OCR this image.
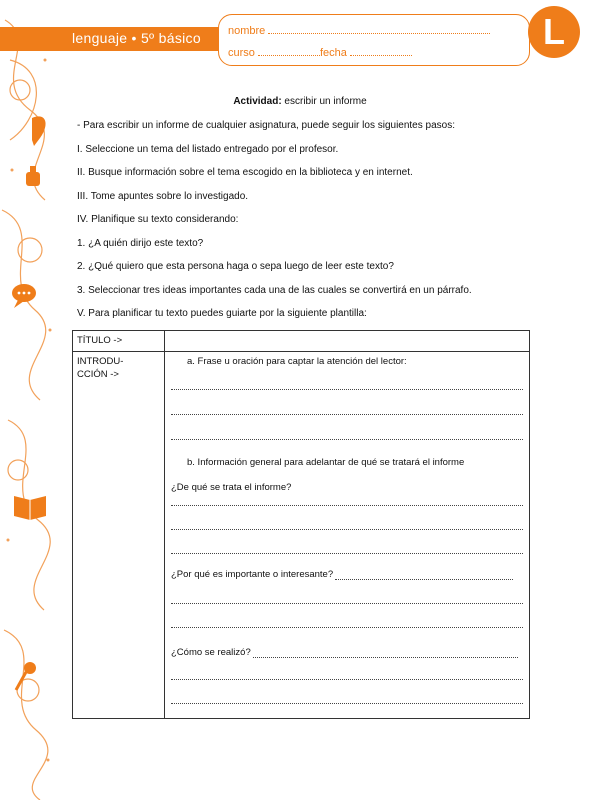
lenguaje • 5º básico nombre
curso	fecha
L
Actividad: escribir un informe
- Para escribir un informe de cualquier asignatura, puede seguir los siguientes pasos:
I. Seleccione un tema del listado entregado por el profesor.
II. Busque información sobre el tema escogido en la biblioteca y en internet.
III. Tome apuntes sobre lo investigado.
IV. Planifique su texto considerando:
1. ¿A quién dirijo este texto?
2. ¿Qué quiero que esta persona haga o sepa luego de leer este texto?
3. Seleccionar tres ideas importantes cada una de las cuales se convertirá en un párrafo.
V. Para planificar tu texto puedes guiarte por la siguiente plantilla:
TÍTULO ->
INTRODU-
CCIÓN ->
a. Frase u oración para captar la atención del lector:
b. Información general para adelantar de qué se tratará el informe
¿De qué se trata el informe?
¿Por qué es importante o interesante?
¿Cómo se realizó?
